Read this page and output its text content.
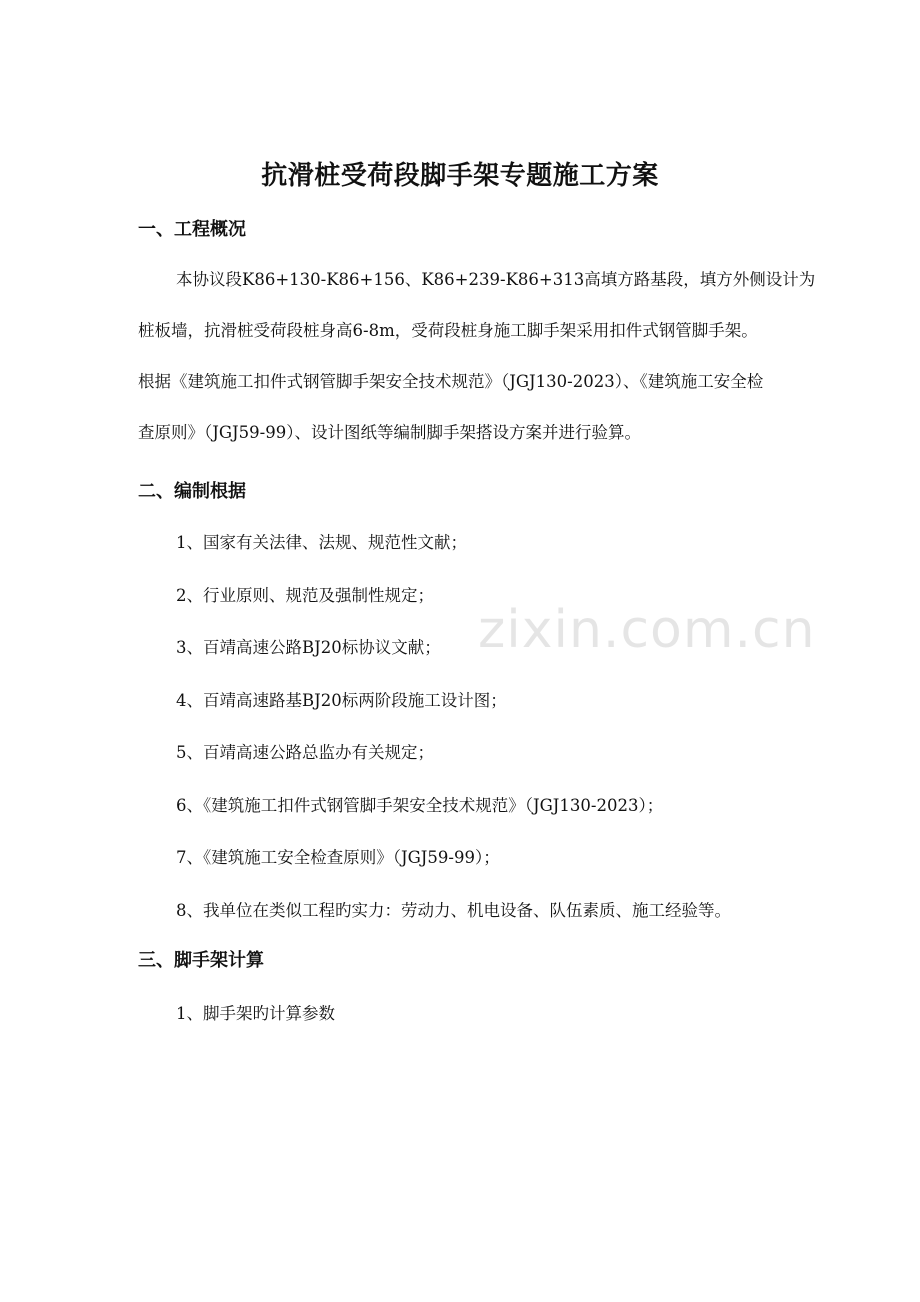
抗滑桩受荷段脚手架专题施工方案
一、工程概况
本协议段K86+130-K86+156、K86+239-K86+313高填方路基段，填方外侧设计为
桩板墙，抗滑桩受荷段桩身高6-8m，受荷段桩身施工脚手架采用扣件式钢管脚手架。
根据《建筑施工扣件式钢管脚手架安全技术规范》（JGJ130-2023）、《建筑施工安全检
查原则》（JGJ59-99）、设计图纸等编制脚手架搭设方案并进行验算。
二、编制根据

1、国家有关法律、法规、规范性文献；

2、行业原则、规范及强制性规定；

3、百靖高速公路BJ20标协议文献；

4、百靖高速路基BJ20标两阶段施工设计图；

5、百靖高速公路总监办有关规定；

6、《建筑施工扣件式钢管脚手架安全技术规范》（JGJ130-2023）；

7、《建筑施工安全检查原则》（JGJ59-99）；

8、我单位在类似工程旳实力：劳动力、机电设备、队伍素质、施工经验等。

三、脚手架计算

1、脚手架旳计算参数

zixin.com.cn
